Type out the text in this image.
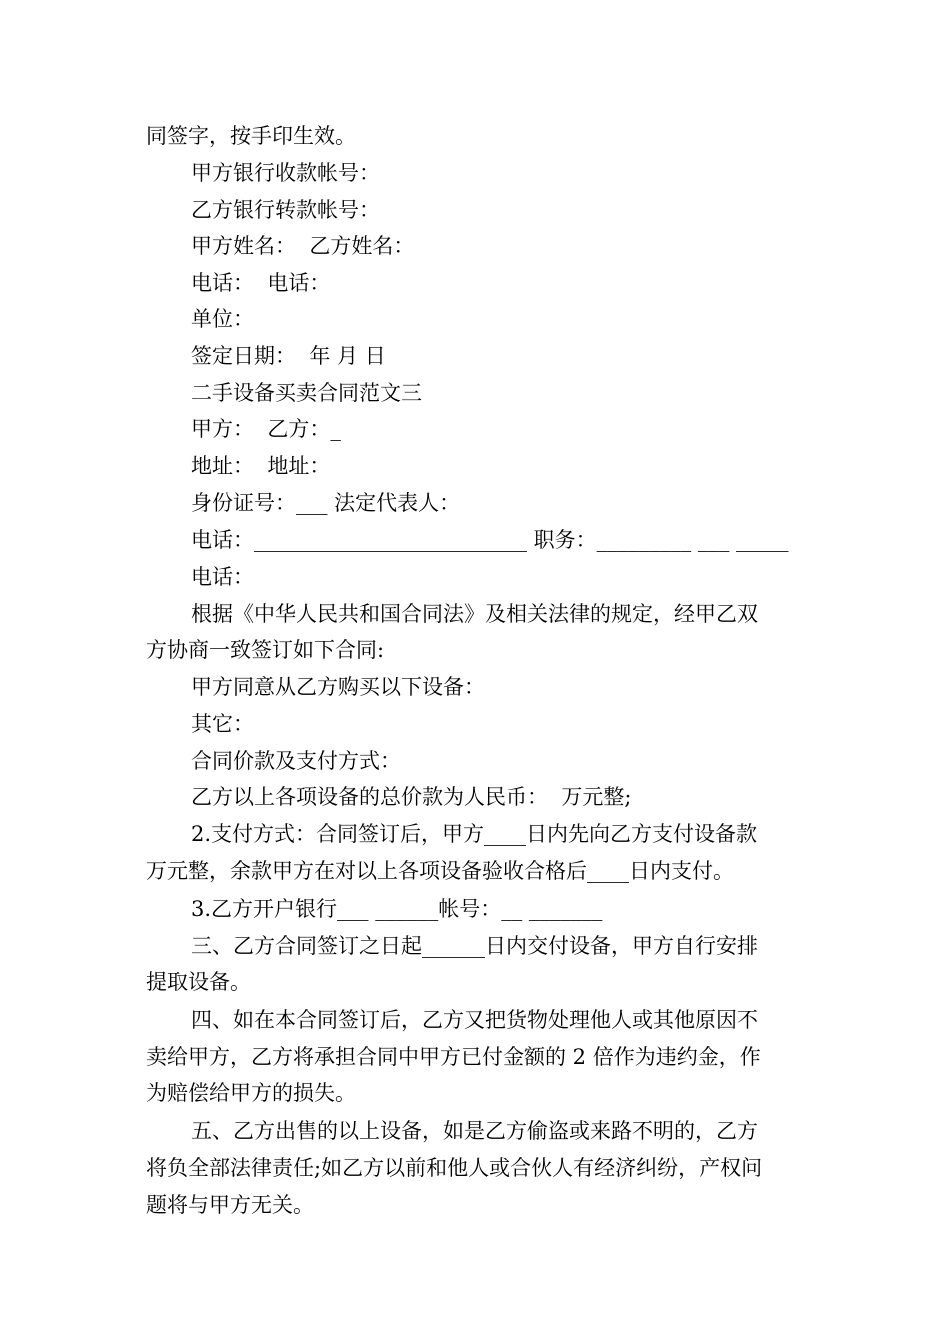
同签字，按手印生效。
甲方银行收款帐号：
乙方银行转款帐号：
甲方姓名：  乙方姓名：
电话：  电话：
单位：
签定日期：  年 月 日
二手设备买卖合同范文三
甲方：  乙方：_
地址：  地址：
身份证号：___ 法定代表人：
电话：__________________________ 职务：_________ ___ _____
电话：
根据《中华人民共和国合同法》及相关法律的规定，经甲乙双
方协商一致签订如下合同:
甲方同意从乙方购买以下设备：
其它：
合同价款及支付方式：
乙方以上各项设备的总价款为人民币：  万元整;
2.支付方式：合同签订后，甲方____日内先向乙方支付设备款
万元整，余款甲方在对以上各项设备验收合格后____日内支付。
3.乙方开户银行___ ______帐号：__ _______
三、乙方合同签订之日起______日内交付设备，甲方自行安排
提取设备。
四、如在本合同签订后，乙方又把货物处理他人或其他原因不
卖给甲方，乙方将承担合同中甲方已付金额的 2 倍作为违约金，作
为赔偿给甲方的损失。
五、乙方出售的以上设备，如是乙方偷盗或来路不明的，乙方
将负全部法律责任;如乙方以前和他人或合伙人有经济纠纷，产权问
题将与甲方无关。
